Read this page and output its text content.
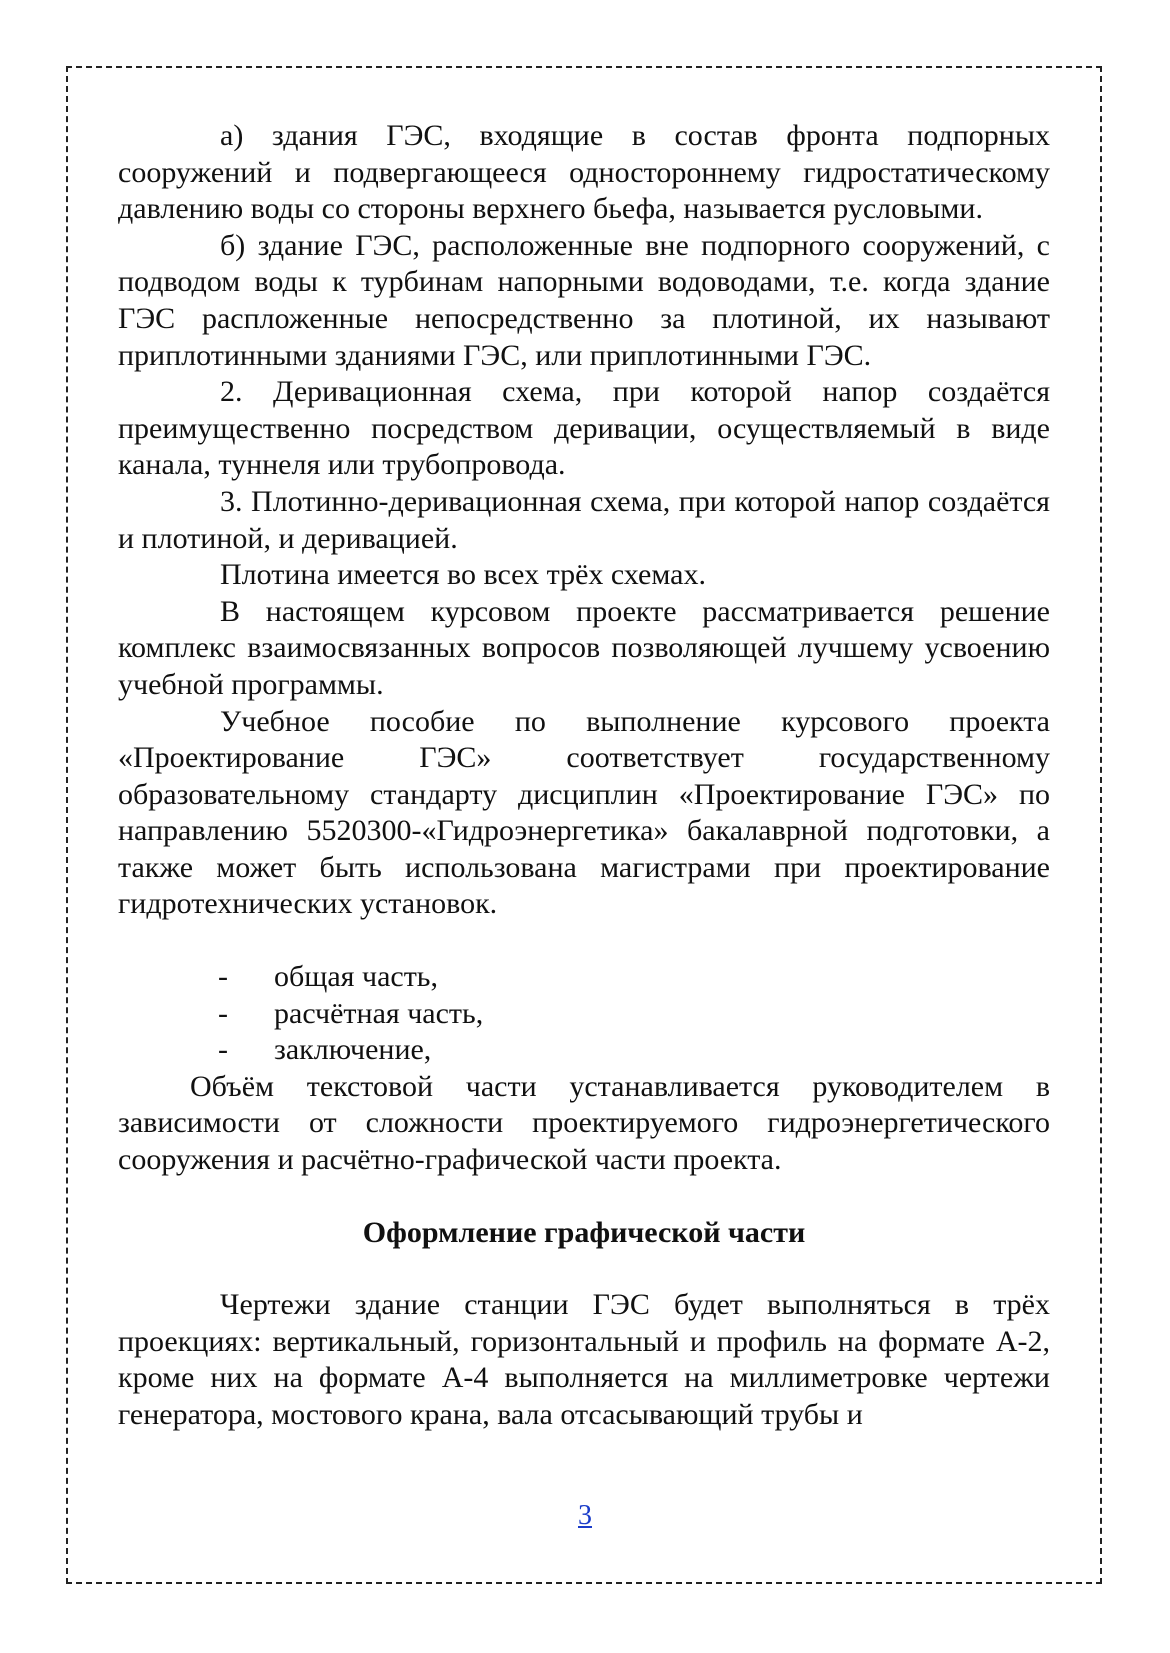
а) здания ГЭС, входящие в состав фронта подпорных сооружений и подвергающееся одностороннему гидростатическому давлению воды со стороны верхнего бьефа, называется русловыми.

б) здание ГЭС, расположенные вне подпорного сооружений, с подводом воды к турбинам напорными водоводами, т.е. когда здание ГЭС распложенные непосредственно за плотиной, их называют приплотинными зданиями ГЭС, или приплотинными ГЭС.

2. Деривационная схема, при которой напор создаётся преимущественно посредством деривации, осуществляемый в виде канала, туннеля или трубопровода.

3. Плотинно-деривационная схема, при которой напор создаётся и плотиной, и деривацией.

Плотина имеется во всех трёх схемах.

В настоящем курсовом проекте рассматривается решение комплекс взаимосвязанных вопросов позволяющей лучшему усвоению учебной программы.

Учебное пособие по выполнение курсового проекта «Проектирование ГЭС» соответствует государственному образовательному стандарту дисциплин «Проектирование ГЭС» по направлению 5520300-«Гидроэнергетика» бакалаврной подготовки, а также может быть использована магистрами при проектирование гидротехнических установок.

-	общая часть,
-	расчётная часть,
-	заключение,

Объём текстовой части устанавливается руководителем в зависимости от сложности проектируемого гидроэнергетического сооружения и расчётно-графической части проекта.

Оформление графической части

Чертежи здание станции ГЭС будет выполняться в трёх проекциях: вертикальный, горизонтальный и профиль на формате А-2, кроме них на формате А-4 выполняется на миллиметровке чертежи генератора, мостового крана, вала отсасывающий трубы и

3
